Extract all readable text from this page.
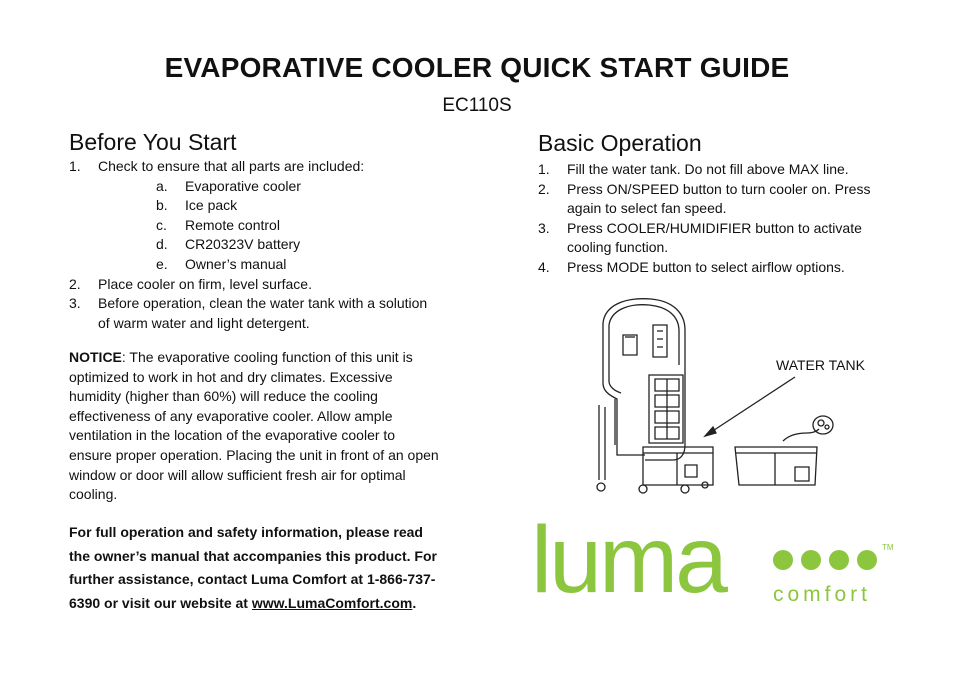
EVAPORATIVE COOLER QUICK START GUIDE
EC110S
Before You Start
1. Check to ensure that all parts are included:
a. Evaporative cooler
b. Ice pack
c. Remote control
d. CR20323V battery
e. Owner’s manual
2. Place cooler on firm, level surface.
3. Before operation, clean the water tank with a solution of warm water and light detergent.
NOTICE: The evaporative cooling function of this unit is optimized to work in hot and dry climates. Excessive humidity (higher than 60%) will reduce the cooling effectiveness of any evaporative cooler. Allow ample ventilation in the location of the evaporative cooler to ensure proper operation. Placing the unit in front of an open window or door will allow sufficient fresh air for optimal cooling.
For full operation and safety information, please read the owner’s manual that accompanies this product. For further assistance, contact Luma Comfort at 1-866-737-6390 or visit our website at www.LumaComfort.com.
Basic Operation
1. Fill the water tank. Do not fill above MAX line.
2. Press ON/SPEED button to turn cooler on. Press again to select fan speed.
3. Press COOLER/HUMIDIFIER button to activate cooling function.
4. Press MODE button to select airflow options.
WATER TANK
luma	TM
comfort
